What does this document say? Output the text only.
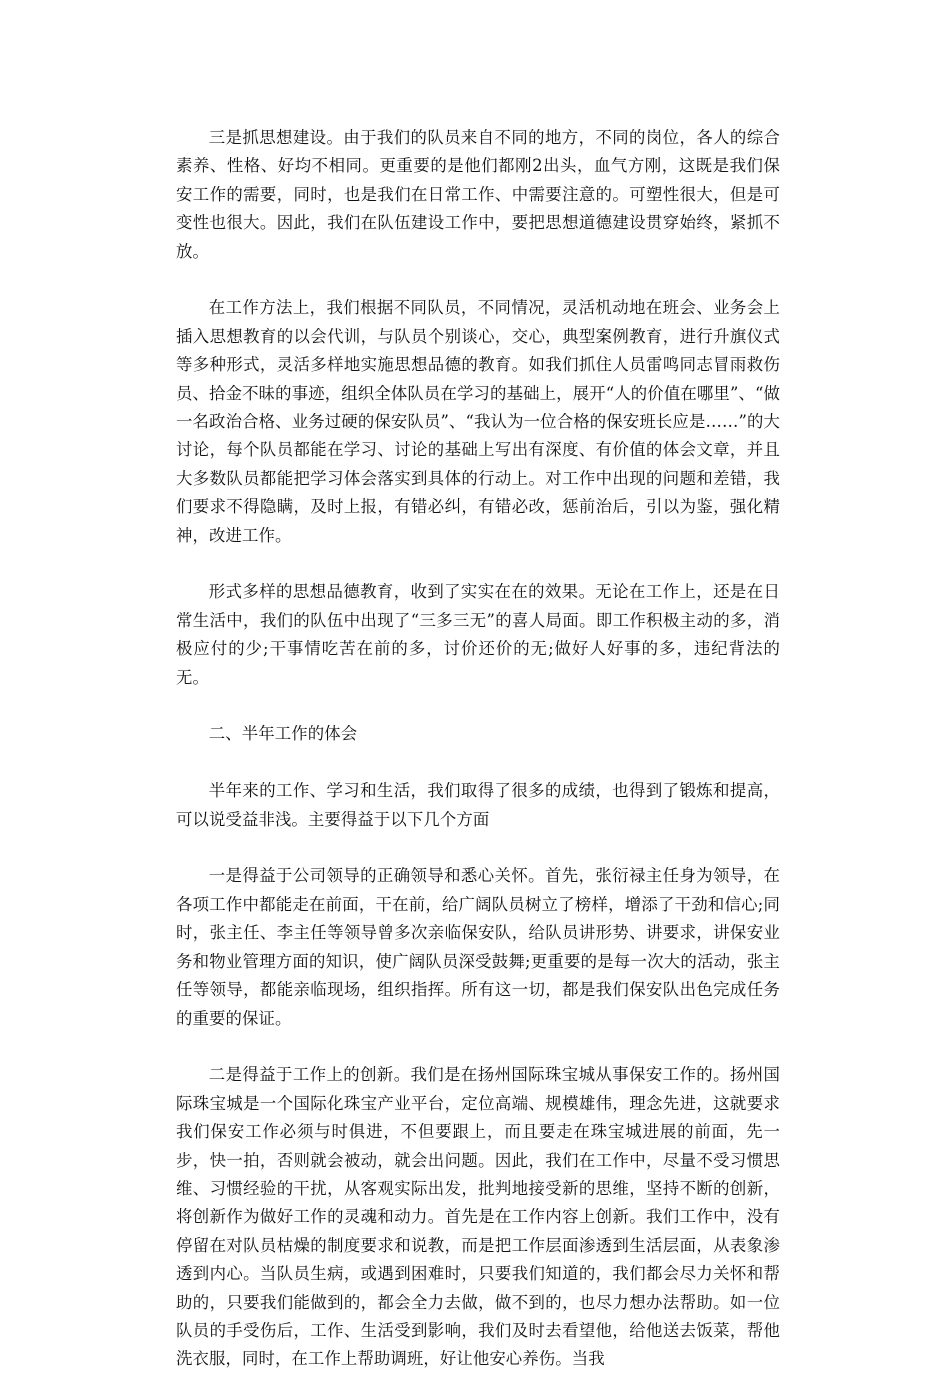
三是抓思想建设。由于我们的队员来自不同的地方，不同的岗位，各人的综合素养、性格、好均不相同。更重要的是他们都刚2出头，血气方刚，这既是我们保安工作的需要，同时，也是我们在日常工作、中需要注意的。可塑性很大，但是可变性也很大。因此，我们在队伍建设工作中，要把思想道德建设贯穿始终，紧抓不放。

在工作方法上，我们根据不同队员，不同情况，灵活机动地在班会、业务会上插入思想教育的以会代训，与队员个别谈心，交心，典型案例教育，进行升旗仪式等多种形式，灵活多样地实施思想品德的教育。如我们抓住人员雷鸣同志冒雨救伤员、拾金不昧的事迹，组织全体队员在学习的基础上，展开“人的价值在哪里”、“做一名政治合格、业务过硬的保安队员”、“我认为一位合格的保安班长应是……”的大讨论，每个队员都能在学习、讨论的基础上写出有深度、有价值的体会文章，并且大多数队员都能把学习体会落实到具体的行动上。对工作中出现的问题和差错，我们要求不得隐瞒，及时上报，有错必纠，有错必改，惩前治后，引以为鉴，强化精神，改进工作。

形式多样的思想品德教育，收到了实实在在的效果。无论在工作上，还是在日常生活中，我们的队伍中出现了“三多三无”的喜人局面。即工作积极主动的多，消极应付的少;干事情吃苦在前的多，讨价还价的无;做好人好事的多，违纪背法的无。

二、半年工作的体会

半年来的工作、学习和生活，我们取得了很多的成绩，也得到了锻炼和提高，可以说受益非浅。主要得益于以下几个方面

一是得益于公司领导的正确领导和悉心关怀。首先，张衍禄主任身为领导，在各项工作中都能走在前面，干在前，给广阔队员树立了榜样，增添了干劲和信心;同时，张主任、李主任等领导曾多次亲临保安队，给队员讲形势、讲要求，讲保安业务和物业管理方面的知识，使广阔队员深受鼓舞;更重要的是每一次大的活动，张主任等领导，都能亲临现场，组织指挥。所有这一切，都是我们保安队出色完成任务的重要的保证。

二是得益于工作上的创新。我们是在扬州国际珠宝城从事保安工作的。扬州国际珠宝城是一个国际化珠宝产业平台，定位高端、规模雄伟，理念先进，这就要求我们保安工作必须与时俱进，不但要跟上，而且要走在珠宝城进展的前面，先一步，快一拍，否则就会被动，就会出问题。因此，我们在工作中，尽量不受习惯思维、习惯经验的干扰，从客观实际出发，批判地接受新的思维，坚持不断的创新，将创新作为做好工作的灵魂和动力。首先是在工作内容上创新。我们工作中，没有停留在对队员枯燥的制度要求和说教，而是把工作层面渗透到生活层面，从表象渗透到内心。当队员生病，或遇到困难时，只要我们知道的，我们都会尽力关怀和帮助的，只要我们能做到的，都会全力去做，做不到的，也尽力想办法帮助。如一位队员的手受伤后，工作、生活受到影响，我们及时去看望他，给他送去饭菜，帮他洗衣服，同时，在工作上帮助调班，好让他安心养伤。当我
